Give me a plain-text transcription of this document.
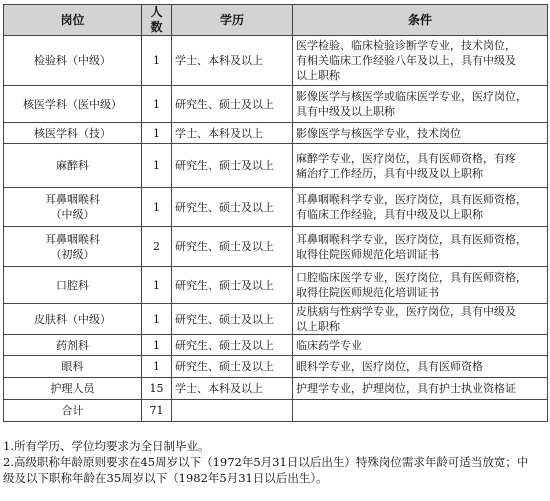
岗位	人数	学历	条件

检验科（中级）	1	学士、本科及以上	医学检验、临床检验诊断学专业，技术岗位，
有相关临床工作经验八年及以上，具有中级及
以上职称

核医学科（医中级）	1	研究生、硕士及以上	影像医学与核医学或临床医学专业，医疗岗位，
具有中级及以上职称

核医学科（技）	1	学士、本科及以上	影像医学与核医学专业，技术岗位

麻醉科	1	研究生、硕士及以上	麻醉学专业，医疗岗位，具有医师资格，有疼
痛治疗工作经历，具有中级及以上职称

耳鼻咽喉科
（中级）	1	研究生、硕士及以上	耳鼻咽喉科学专业，医疗岗位，具有医师资格，
有临床工作经验，具有中级及以上职称

耳鼻咽喉科
（初级）	2	研究生、硕士及以上	耳鼻咽喉科学专业，医疗岗位，具有医师资格，
取得住院医师规范化培训证书

口腔科	1	研究生、硕士及以上	口腔临床医学专业，医疗岗位，具有医师资格，
取得住院医师规范化培训证书

皮肤科（中级）	1	研究生、硕士及以上	皮肤病与性病学专业，医疗岗位，具有中级及
以上职称

药剂科	1	研究生、硕士及以上	临床药学专业

眼科	1	研究生、硕士及以上	眼科学专业，医疗岗位，具有医师资格

护理人员	15	学士、本科及以上	护理学专业，护理岗位，具有护士执业资格证

合计	71		
1.所有学历、学位均要求为全日制毕业。
2.高级职称年龄原则要求在45周岁以下（1972年5月31日以后出生）特殊岗位需求年龄可适当放宽；中
级及以下职称年龄在35周岁以下（1982年5月31日以后出生）。
